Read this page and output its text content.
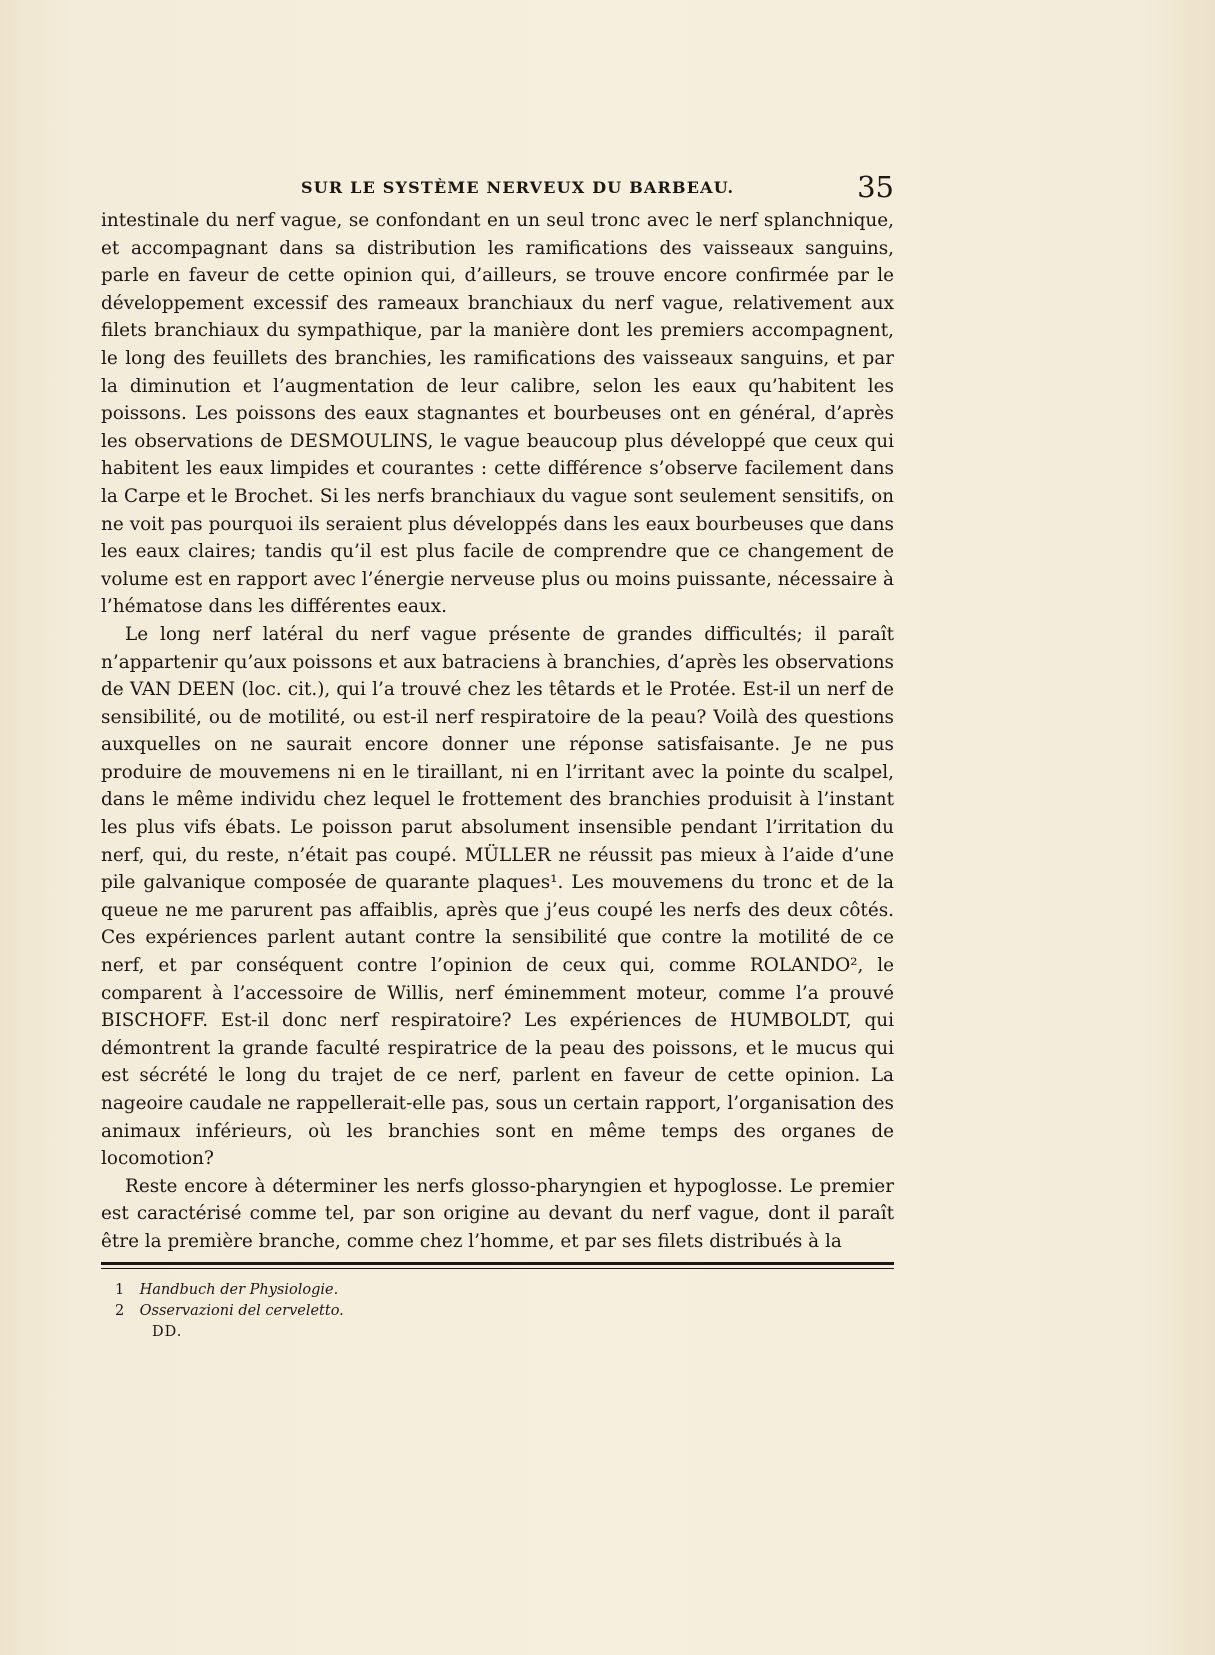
SUR LE SYSTÈME NERVEUX DU BARBEAU.	35

intestinale du nerf vague, se confondant en un seul tronc avec le nerf splanchnique, et accompagnant dans sa distribution les ramifications des vaisseaux sanguins, parle en faveur de cette opinion qui, d’ailleurs, se trouve encore confirmée par le développement excessif des rameaux branchiaux du nerf vague, relativement aux filets branchiaux du sympathique, par la manière dont les premiers accompagnent, le long des feuillets des branchies, les ramifications des vaisseaux sanguins, et par la diminution et l’augmentation de leur calibre, selon les eaux qu’habitent les poissons. Les poissons des eaux stagnantes et bourbeuses ont en général, d’après les observations de DESMOULINS, le vague beaucoup plus développé que ceux qui habitent les eaux limpides et courantes : cette différence s’observe facilement dans la Carpe et le Brochet. Si les nerfs branchiaux du vague sont seulement sensitifs, on ne voit pas pourquoi ils seraient plus développés dans les eaux bourbeuses que dans les eaux claires; tandis qu’il est plus facile de comprendre que ce changement de volume est en rapport avec l’énergie nerveuse plus ou moins puissante, nécessaire à l’hématose dans les différentes eaux.

Le long nerf latéral du nerf vague présente de grandes difficultés; il paraît n’appartenir qu’aux poissons et aux batraciens à branchies, d’après les observations de VAN DEEN (loc. cit.), qui l’a trouvé chez les têtards et le Protée. Est-il un nerf de sensibilité, ou de motilité, ou est-il nerf respiratoire de la peau? Voilà des questions auxquelles on ne saurait encore donner une réponse satisfaisante. Je ne pus produire de mouvemens ni en le tiraillant, ni en l’irritant avec la pointe du scalpel, dans le même individu chez lequel le frottement des branchies produisit à l’instant les plus vifs ébats. Le poisson parut absolument insensible pendant l’irritation du nerf, qui, du reste, n’était pas coupé. MÜLLER ne réussit pas mieux à l’aide d’une pile galvanique composée de quarante plaques¹. Les mouvemens du tronc et de la queue ne me parurent pas affaiblis, après que j’eus coupé les nerfs des deux côtés. Ces expériences parlent autant contre la sensibilité que contre la motilité de ce nerf, et par conséquent contre l’opinion de ceux qui, comme ROLANDO², le comparent à l’accessoire de Willis, nerf éminemment moteur, comme l’a prouvé BISCHOFF. Est-il donc nerf respiratoire? Les expériences de HUMBOLDT, qui démontrent la grande faculté respiratrice de la peau des poissons, et le mucus qui est sécrété le long du trajet de ce nerf, parlent en faveur de cette opinion. La nageoire caudale ne rappellerait-elle pas, sous un certain rapport, l’organisation des animaux inférieurs, où les branchies sont en même temps des organes de locomotion?

Reste encore à déterminer les nerfs glosso-pharyngien et hypoglosse. Le premier est caractérisé comme tel, par son origine au devant du nerf vague, dont il paraît être la première branche, comme chez l’homme, et par ses filets distribués à la

1 Handbuch der Physiologie.
2 Osservazioni del cerveletto.
DD.
